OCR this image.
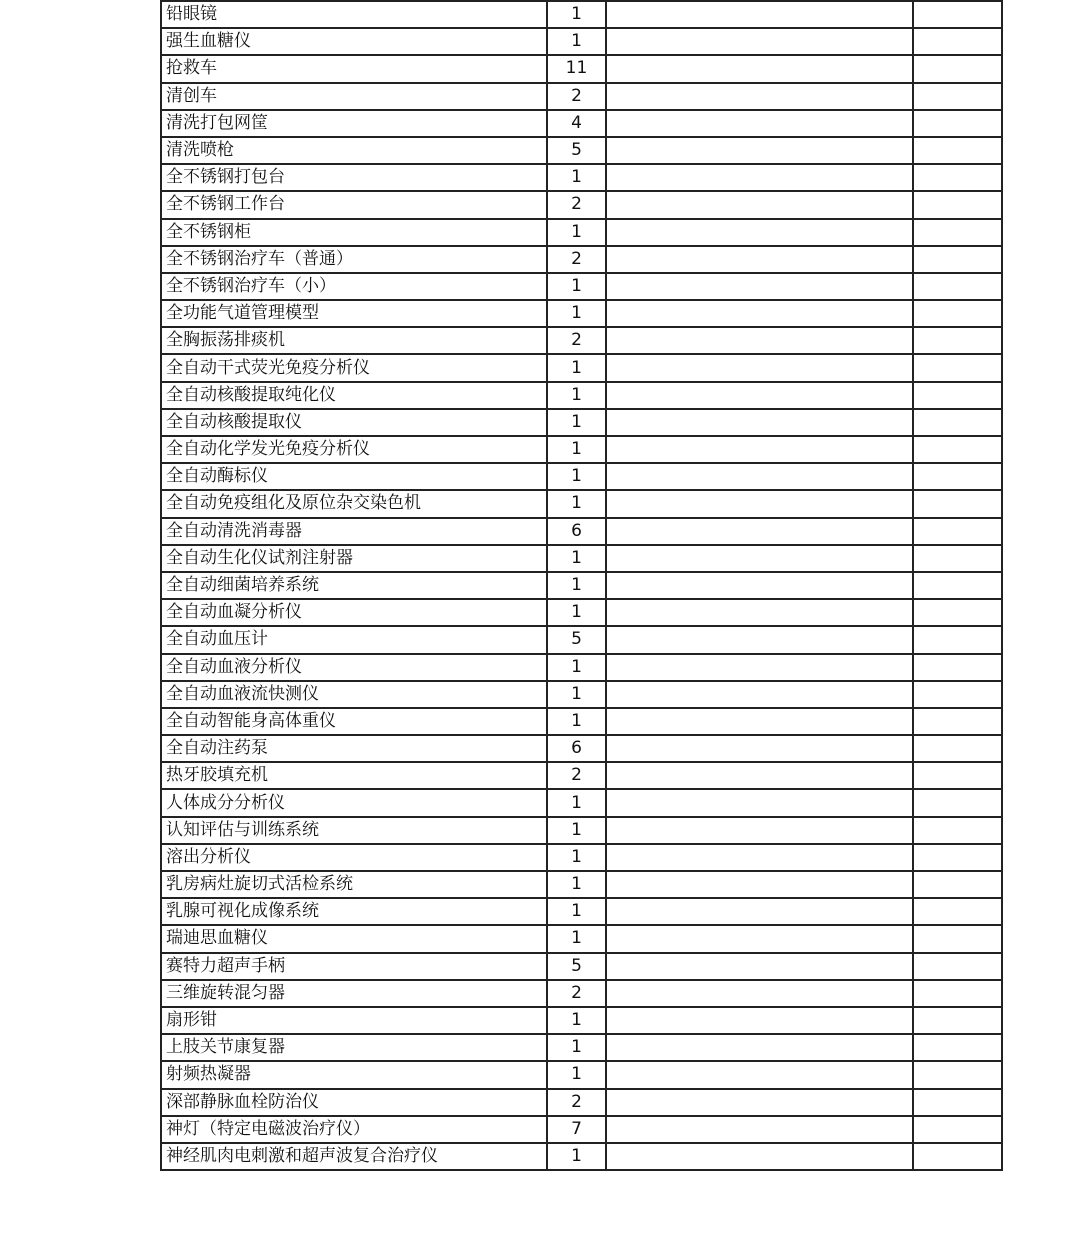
铅眼镜	1		
强生血糖仪	1		
抢救车	11		
清创车	2		
清洗打包网筐	4		
清洗喷枪	5		
全不锈钢打包台	1		
全不锈钢工作台	2		
全不锈钢柜	1		
全不锈钢治疗车（普通）	2		
全不锈钢治疗车（小）	1		
全功能气道管理模型	1		
全胸振荡排痰机	2		
全自动干式荧光免疫分析仪	1		
全自动核酸提取纯化仪	1		
全自动核酸提取仪	1		
全自动化学发光免疫分析仪	1		
全自动酶标仪	1		
全自动免疫组化及原位杂交染色机	1		
全自动清洗消毒器	6		
全自动生化仪试剂注射器	1		
全自动细菌培养系统	1		
全自动血凝分析仪	1		
全自动血压计	5		
全自动血液分析仪	1		
全自动血液流快测仪	1		
全自动智能身高体重仪	1		
全自动注药泵	6		
热牙胶填充机	2		
人体成分分析仪	1		
认知评估与训练系统	1		
溶出分析仪	1		
乳房病灶旋切式活检系统	1		
乳腺可视化成像系统	1		
瑞迪思血糖仪	1		
赛特力超声手柄	5		
三维旋转混匀器	2		
扇形钳	1		
上肢关节康复器	1		
射频热凝器	1		
深部静脉血栓防治仪	2		
神灯（特定电磁波治疗仪）	7		
神经肌肉电刺激和超声波复合治疗仪	1		
